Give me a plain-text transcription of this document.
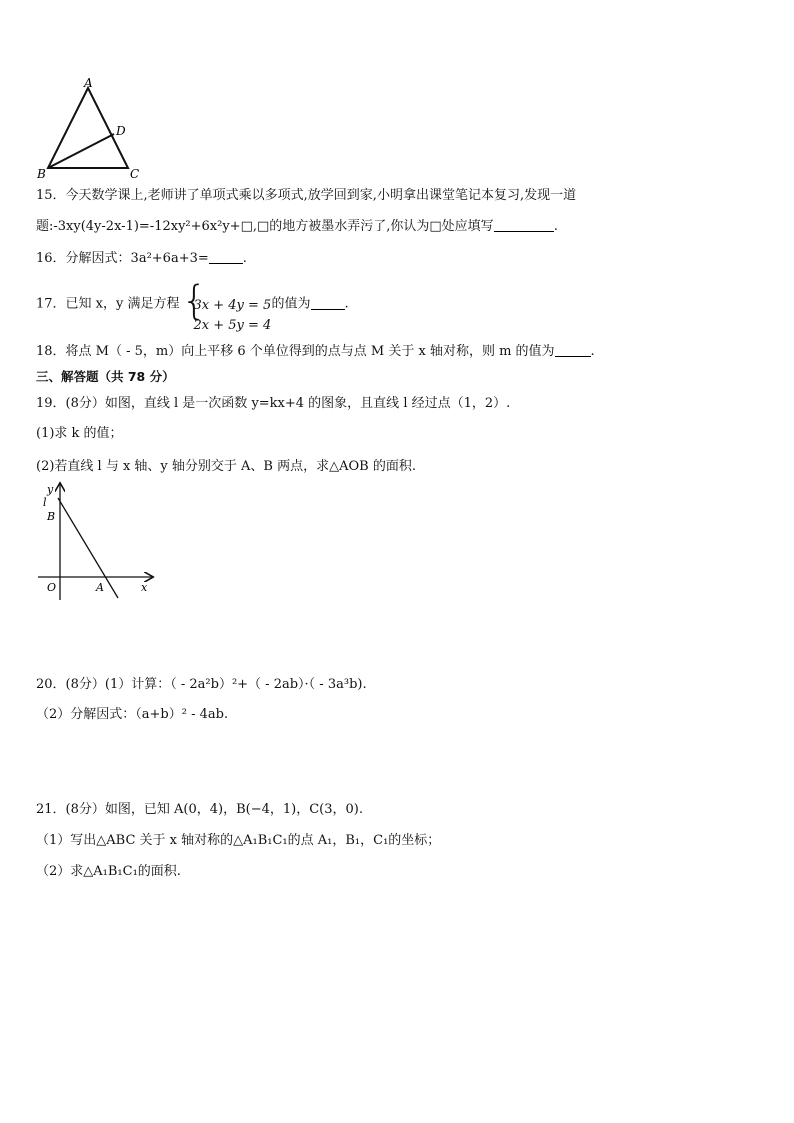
A
D
B	C
15．今天数学课上,老师讲了单项式乘以多项式,放学回到家,小明拿出课堂笔记本复习,发现一道
题:-3xy(4y-2x-1)=-12xy²+6x²y+□,□的地方被墨水弄污了,你认为□处应填写	.
16．分解因式：3a²+6a+3=	.
17．已知 x，y 满足方程 {
3x + 4y = 5
2x + 5y = 4
的值为	.
18．将点 M（ - 5，m）向上平移 6 个单位得到的点与点 M 关于 x 轴对称，则 m 的值为	.
三、解答题（共 78 分）
19．(8分）如图，直线 l 是一次函数 y=kx+4 的图象，且直线 l 经过点（1，2）.
(1)求 k 的值；
(2)若直线 l 与 x 轴、y 轴分别交于 A、B 两点，求△AOB 的面积.
y
l
B
O	A	x
20．(8分）(1）计算：（ - 2a²b）²+（ - 2ab）·（ - 3a³b).
（2）分解因式：（a+b）² - 4ab.
21．(8分）如图，已知 A(0，4)，B(−4，1)，C(3，0).
（1）写出△ABC 关于 x 轴对称的△A₁B₁C₁的点 A₁，B₁，C₁的坐标；
（2）求△A₁B₁C₁的面积.
